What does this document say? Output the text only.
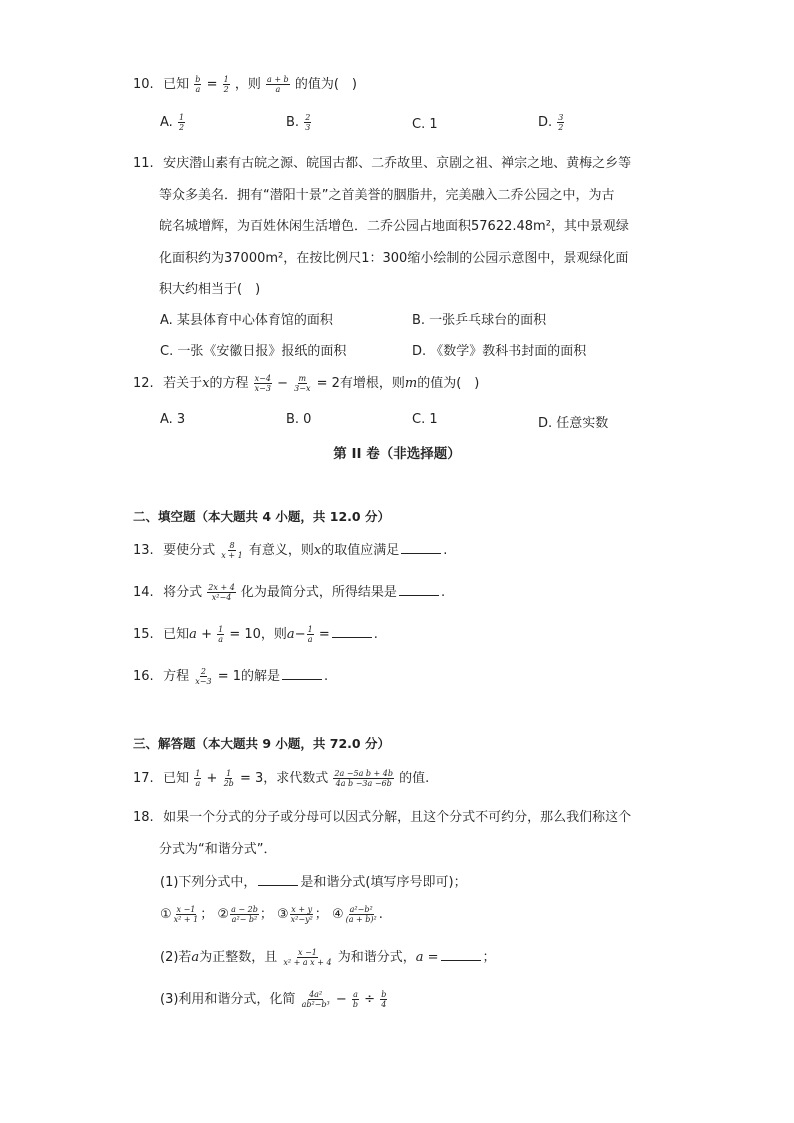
10. 已知 $\frac{b}{a} = \frac{1}{2}$ ，则 $\frac{a + b}{a}$ 的值为(　)
A. $\frac{1}{2}$	B. $\frac{2}{3}$	C. 1	D. $\frac{3}{2}$
11. 安庆潜山素有古皖之源、皖国古都、二乔故里、京剧之祖、禅宗之地、黄梅之乡等
等众多美名．拥有“潜阳十景”之首美誉的胭脂井，完美融入二乔公园之中，为古
皖名城增辉，为百姓休闲生活增色．二乔公园占地面积57622.48m²，其中景观绿
化面积约为37000m²，在按比例尺1：300缩小绘制的公园示意图中，景观绿化面
积大约相当于(　)
A. 某县体育中心体育馆的面积	B. 一张乒乓球台的面积
C. 一张《安徽日报》报纸的面积	D. 《数学》教科书封面的面积
12. 若关于x的方程 $\frac{x-4}{x-3} - \frac{m}{3-x} = 2$有增根，则m的值为(　)
A. 3	B. 0	C. 1	D. 任意实数
第 II 卷（非选择题）
二、填空题（本大题共 4 小题，共 12.0 分）
13. 要使分式 $\frac{8}{x + 1}$ 有意义，则x的取值应满足	.
14. 将分式 $\frac{2x + 4}{\text{x²−4}}$ 化为最简分式，所得结果是	.
15. 已知$a + \frac{1}{a} = 10$，则$a- \frac{1}{a}$ =	.
16. 方程 $\frac{2}{x-3} = 1$的解是	.
三、解答题（本大题共 9 小题，共 72.0 分）
17. 已知 $\frac{1}{a} + \frac{1}{2b} = 3$，求代数式 $\frac{\text{2a −5a b + 4b}}{\text{4a b −3a −6b}}$ 的值.
18. 如果一个分式的分子或分母可以因式分解，且这个分式不可约分，那么我们称这个
分式为“和谐分式”．
(1)下列分式中，	是和谐分式(填写序号即可)；
① $\frac{x -1}{\text{x² + 1}}$ ； ② $\frac{a - 2b}{\text{a²− b²}}$ ； ③ $\frac{x + y}{\text{x²−y²}}$ ； ④ $\frac{\text{a²−b²}}{\text{(a + b)²}}$ .
(2)若a为正整数，且 $\frac{x -1}{\text{x² + a x + 4}}$ 为和谐分式，a =	；
(3)利用和谐分式，化简 $\frac{\text{4a²}}{\text{ab²−b³}} - \frac{a}{b} \div \frac{b}{4}$
